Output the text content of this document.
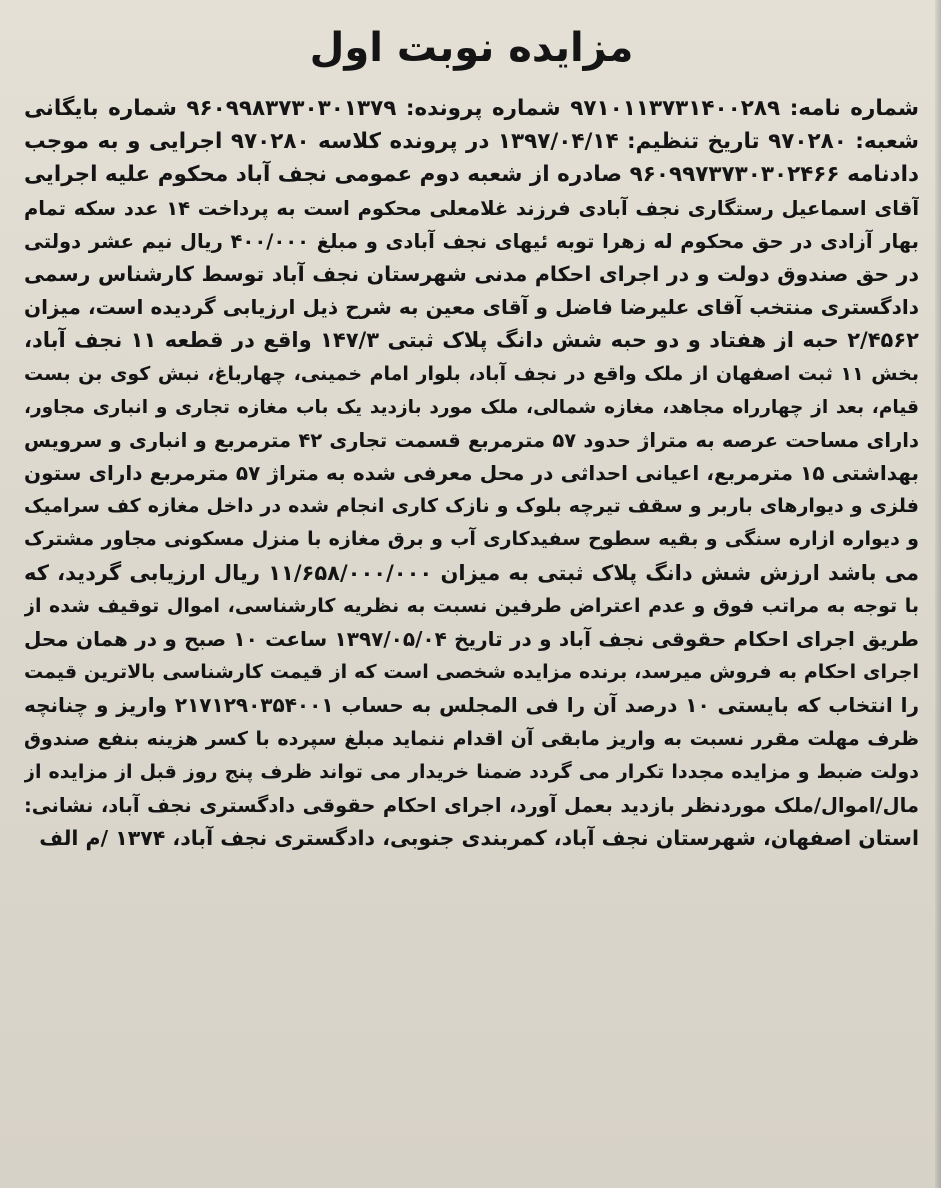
مزایده نوبت اول
شماره نامه: ۹۷۱۰۱۱۳۷۳۱۴۰۰۲۸۹ شماره پرونده: ۹۶۰۹۹۸۳۷۳۰۳۰۱۳۷۹ شماره بایگانی
شعبه: ۹۷۰۲۸۰ تاریخ تنظیم: ۱۳۹۷/۰۴/۱۴ در پرونده کلاسه ۹۷۰۲۸۰ اجرایی و به موجب
دادنامه ۹۶۰۹۹۷۳۷۳۰۳۰۲۴۶۶ صادره از شعبه دوم عمومی نجف آباد محکوم علیه اجرایی
آقای اسماعیل رستگاری نجف آبادی فرزند غلامعلی محکوم است به پرداخت ۱۴ عدد سکه تمام
بهار آزادی در حق محکوم له زهرا توبه ئیهای نجف آبادی و مبلغ ۴۰۰/۰۰۰ ریال نیم عشر دولتی
در حق صندوق دولت و در اجرای احکام مدنی شهرستان نجف آباد توسط کارشناس رسمی
دادگستری منتخب آقای علیرضا فاضل و آقای معین به شرح ذیل ارزیابی گردیده است، میزان
۲/۴۵۶۲ حبه از هفتاد و دو حبه شش دانگ پلاک ثبتی ۱۴۷/۳ واقع در قطعه ۱۱ نجف آباد،
بخش ۱۱ ثبت اصفهان از ملک واقع در نجف آباد، بلوار امام خمینی، چهارباغ، نبش کوی بن بست
قیام، بعد از چهارراه مجاهد، مغازه شمالی، ملک مورد بازدید یک باب مغازه تجاری و انباری مجاور،
دارای مساحت عرصه به متراژ حدود ۵۷ مترمربع قسمت تجاری ۴۲ مترمربع و انباری و سرویس
بهداشتی ۱۵ مترمربع، اعیانی احداثی در محل معرفی شده به متراژ ۵۷ مترمربع دارای ستون
فلزی و دیوارهای باربر و سقف تیرچه بلوک و نازک کاری انجام شده در داخل مغازه کف سرامیک
و دیواره ازاره سنگی و بقیه سطوح سفیدکاری آب و برق مغازه با منزل مسکونی مجاور مشترک
می باشد ارزش شش دانگ پلاک ثبتی به میزان ۱۱/۶۵۸/۰۰۰/۰۰۰ ریال ارزیابی گردید، که
با توجه به مراتب فوق و عدم اعتراض طرفین نسبت به نظریه کارشناسی، اموال توقیف شده از
طریق اجرای احکام حقوقی نجف آباد و در تاریخ ۱۳۹۷/۰۵/۰۴ ساعت ۱۰ صبح و در همان محل
اجرای احکام به فروش میرسد، برنده مزایده شخصی است که از قیمت کارشناسی بالاترین قیمت
را انتخاب که بایستی ۱۰ درصد آن را فی المجلس به حساب ۲۱۷۱۲۹۰۳۵۴۰۰۱ واریز و چنانچه
ظرف مهلت مقرر نسبت به واریز مابقی آن اقدام ننماید مبلغ سپرده با کسر هزینه بنفع صندوق
دولت ضبط و مزایده مجددا تکرار می گردد ضمنا خریدار می تواند ظرف پنج روز قبل از مزایده از
مال/اموال/ملک موردنظر بازدید بعمل آورد، اجرای احکام حقوقی دادگستری نجف آباد، نشانی:
استان اصفهان، شهرستان نجف آباد، کمربندی جنوبی، دادگستری نجف آباد، ۱۳۷۴ /م الف
